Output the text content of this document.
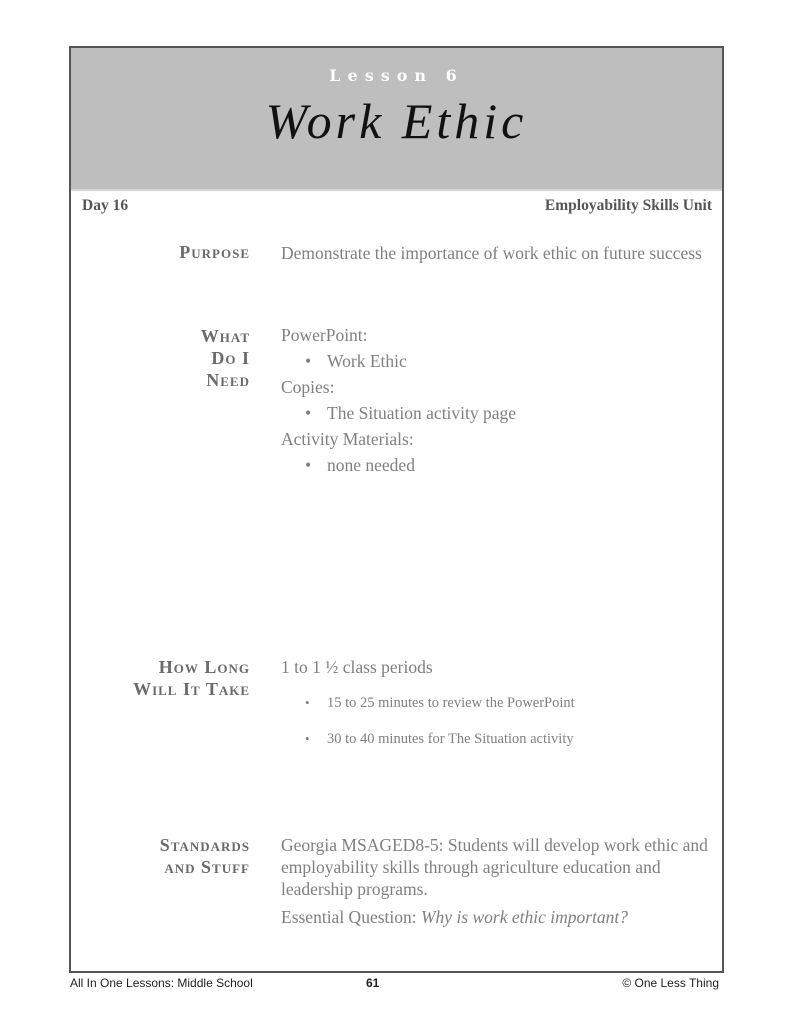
Lesson 6
Work Ethic
Day 16	Employability Skills Unit
Purpose Demonstrate the importance of work ethic on future success
What
Do I
Need
PowerPoint:
• Work Ethic
Copies:
• The Situation activity page
Activity Materials:
• none needed
How Long
Will It Take
1 to 1 ½ class periods
• 15 to 25 minutes to review the PowerPoint
• 30 to 40 minutes for The Situation activity
Standards
and Stuff
Georgia MSAGED8-5: Students will develop work ethic and employability skills through agriculture education and leadership programs.
Essential Question: Why is work ethic important?
All In One Lessons: Middle School	61	© One Less Thing
